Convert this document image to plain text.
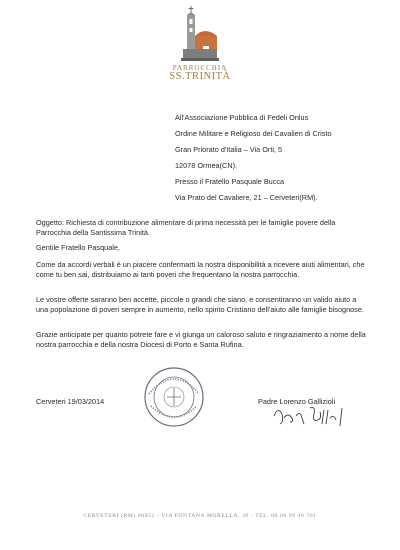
PARROCCHIA
SS.TRINITÀ
All'Associazione Pubblica di Fedeli Onlus
Ordine Militare e Religioso dei Cavalieri di Cristo
Gran Priorato d'Italia – Via Orti, 5
12078 Ormea(CN).
Presso il Fratello Pasquale Bucca
Via Prato del Cavaliere, 21 – Cerveteri(RM).
Oggetto: Richiesta di contribuzione alimentare di prima necessità per le famiglie povere della Parrocchia della Santissima Trinità.
Gentile Fratello Pasquale,
Come da accordi verbali è un piacere confermarti la nostra disponibilità a ricevere aiuti alimentari, che come tu ben sai, distribuiamo ai tanti poveri che frequentano la nostra parrocchia.
Le vostre offerte saranno ben accette, piccole o grandi che siano, e consentiranno un valido aiuto a una popolazione di poveri sempre in aumento, nello spirito Cristiano dell'aiuto alle famiglie bisognose.
Grazie anticipate per quanto potrete fare e vi giunga un caloroso saluto e ringraziamento a nome della nostra parrocchia e della nostra Diocesi di Porto e Santa Rufina.
Cerveteri 19/03/2014	Padre Lorenzo Gallizioli
CERVETERI (RM) 00052 - VIA FONTANA MORELLA, 36 - TEL. 06 06 99 40 701
